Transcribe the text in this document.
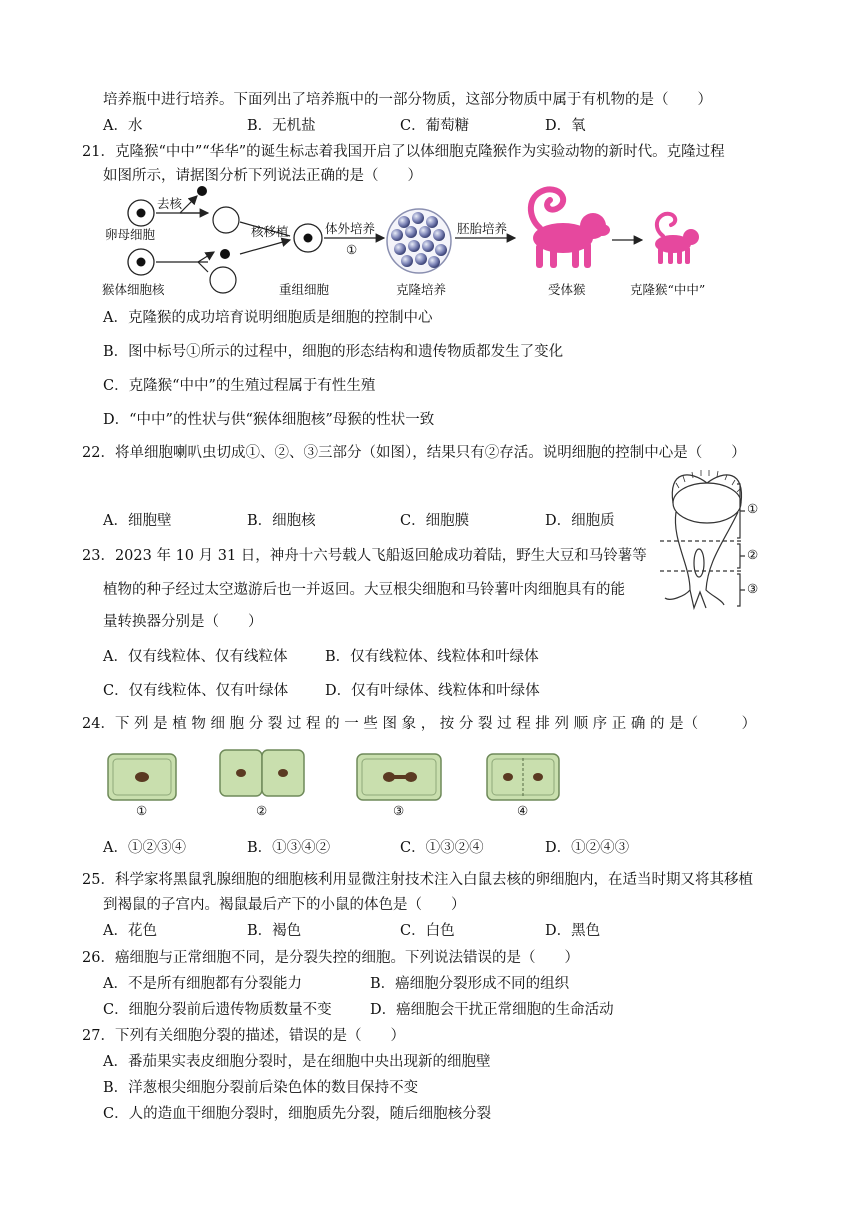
培养瓶中进行培养。下面列出了培养瓶中的一部分物质，这部分物质中属于有机物的是（　　）
A．水	B．无机盐	C．葡萄糖	D．氧
21．克隆猴“中中”“华华”的诞生标志着我国开启了以体细胞克隆猴作为实验动物的新时代。克隆过程
如图所示，请据图分析下列说法正确的是（　　）
去核
卵母细胞
猴体细胞核
核移植
重组细胞
体外培养
①
克隆培养
胚胎培养
受体猴	克隆猴“中中”
A．克隆猴的成功培育说明细胞质是细胞的控制中心
B．图中标号①所示的过程中，细胞的形态结构和遗传物质都发生了变化
C．克隆猴“中中”的生殖过程属于有性生殖
D．“中中”的性状与供“猴体细胞核”母猴的性状一致
22．将单细胞喇叭虫切成①、②、③三部分（如图），结果只有②存活。说明细胞的控制中心是（　　）
A．细胞壁	B．细胞核	C．细胞膜	D．细胞质
①
②
③
23．2023 年 10 月 31 日，神舟十六号载人飞船返回舱成功着陆，野生大豆和马铃薯等
植物的种子经过太空遨游后也一并返回。大豆根尖细胞和马铃薯叶肉细胞具有的能
量转换器分别是（　　）
A．仅有线粒体、仅有线粒体	B．仅有线粒体、线粒体和叶绿体
C．仅有线粒体、仅有叶绿体	D．仅有叶绿体、线粒体和叶绿体
24．下 列 是 植 物 细 胞 分 裂 过 程 的 一 些 图 象 ， 按 分 裂 过 程 排 列 顺 序 正 确 的 是（　　　）
①	②	③	④
A．①②③④	B．①③④②	C．①③②④	D．①②④③
25．科学家将黑鼠乳腺细胞的细胞核利用显微注射技术注入白鼠去核的卵细胞内，在适当时期又将其移植
到褐鼠的子宫内。褐鼠最后产下的小鼠的体色是（　　）
A．花色	B．褐色	C．白色	D．黑色
26．癌细胞与正常细胞不同，是分裂失控的细胞。下列说法错误的是（　　）
A．不是所有细胞都有分裂能力	B．癌细胞分裂形成不同的组织
C．细胞分裂前后遗传物质数量不变	D．癌细胞会干扰正常细胞的生命活动
27．下列有关细胞分裂的描述，错误的是（　　）
A．番茄果实表皮细胞分裂时，是在细胞中央出现新的细胞壁
B．洋葱根尖细胞分裂前后染色体的数目保持不变
C．人的造血干细胞分裂时，细胞质先分裂，随后细胞核分裂
